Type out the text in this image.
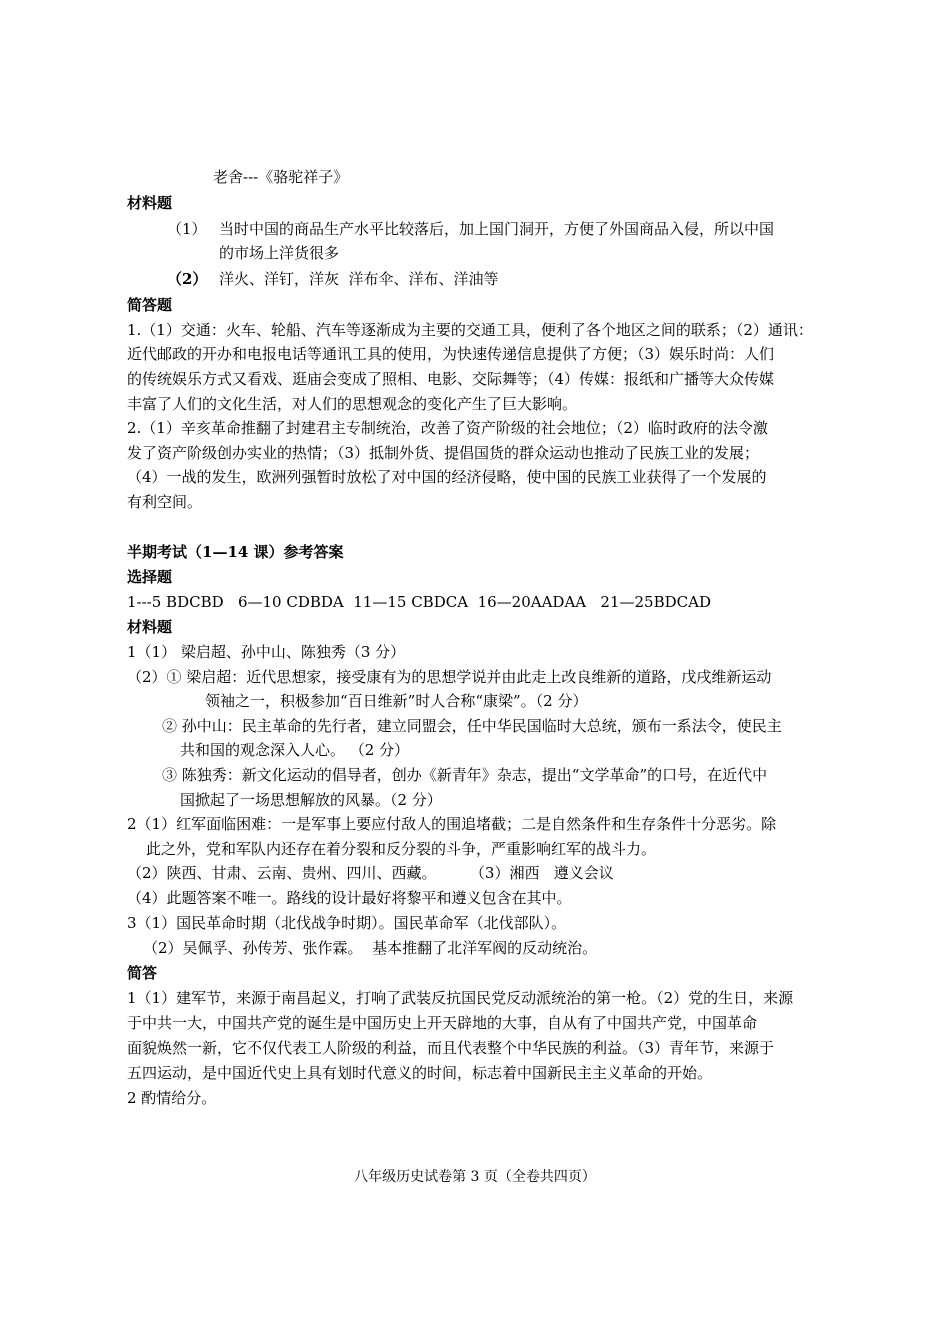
老舍---《骆驼祥子》
材料题
（1） 当时中国的商品生产水平比较落后，加上国门洞开，方便了外国商品入侵，所以中国
的市场上洋货很多
（2） 洋火、洋钉，洋灰  洋布伞、洋布、洋油等
简答题
1.（1）交通：火车、轮船、汽车等逐渐成为主要的交通工具，便利了各个地区之间的联系；（2）通讯：
近代邮政的开办和电报电话等通讯工具的使用，为快速传递信息提供了方便；（3）娱乐时尚：人们
的传统娱乐方式又看戏、逛庙会变成了照相、电影、交际舞等；（4）传媒：报纸和广播等大众传媒
丰富了人们的文化生活，对人们的思想观念的变化产生了巨大影响。
2.（1）辛亥革命推翻了封建君主专制统治，改善了资产阶级的社会地位；（2）临时政府的法令激
发了资产阶级创办实业的热情；（3）抵制外货、提倡国货的群众运动也推动了民族工业的发展；
（4）一战的发生，欧洲列强暂时放松了对中国的经济侵略，使中国的民族工业获得了一个发展的
有利空间。
半期考试（1—14 课）参考答案
选择题
1---5 BDCBD   6—10 CDBDA  11—15 CBDCA  16—20AADAA   21—25BDCAD
材料题
1（1） 梁启超、孙中山、陈独秀（3 分）
（2）① 梁启超：近代思想家，接受康有为的思想学说并由此走上改良维新的道路，戊戌维新运动
领袖之一，积极参加“百日维新”时人合称“康梁”。（2 分）
② 孙中山：民主革命的先行者，建立同盟会，任中华民国临时大总统，颁布一系法令，使民主
共和国的观念深入人心。 （2 分）
③ 陈独秀：新文化运动的倡导者，创办《新青年》杂志，提出“文学革命”的口号，在近代中
国掀起了一场思想解放的风暴。（2 分）
2（1）红军面临困难：一是军事上要应付敌人的围追堵截；二是自然条件和生存条件十分恶劣。除
此之外，党和军队内还存在着分裂和反分裂的斗争，严重影响红军的战斗力。
（2）陕西、甘肃、云南、贵州、四川、西藏。       （3）湘西   遵义会议
（4）此题答案不唯一。路线的设计最好将黎平和遵义包含在其中。
3（1）国民革命时期（北伐战争时期）。国民革命军（北伐部队）。
（2）吴佩孚、孙传芳、张作霖。  基本推翻了北洋军阀的反动统治。
简答
1（1）建军节，来源于南昌起义，打响了武装反抗国民党反动派统治的第一枪。（2）党的生日，来源
于中共一大，中国共产党的诞生是中国历史上开天辟地的大事，自从有了中国共产党，中国革命
面貌焕然一新，它不仅代表工人阶级的利益，而且代表整个中华民族的利益。（3）青年节，来源于
五四运动，是中国近代史上具有划时代意义的时间，标志着中国新民主主义革命的开始。
2 酌情给分。
八年级历史试卷第 3 页（全卷共四页）
